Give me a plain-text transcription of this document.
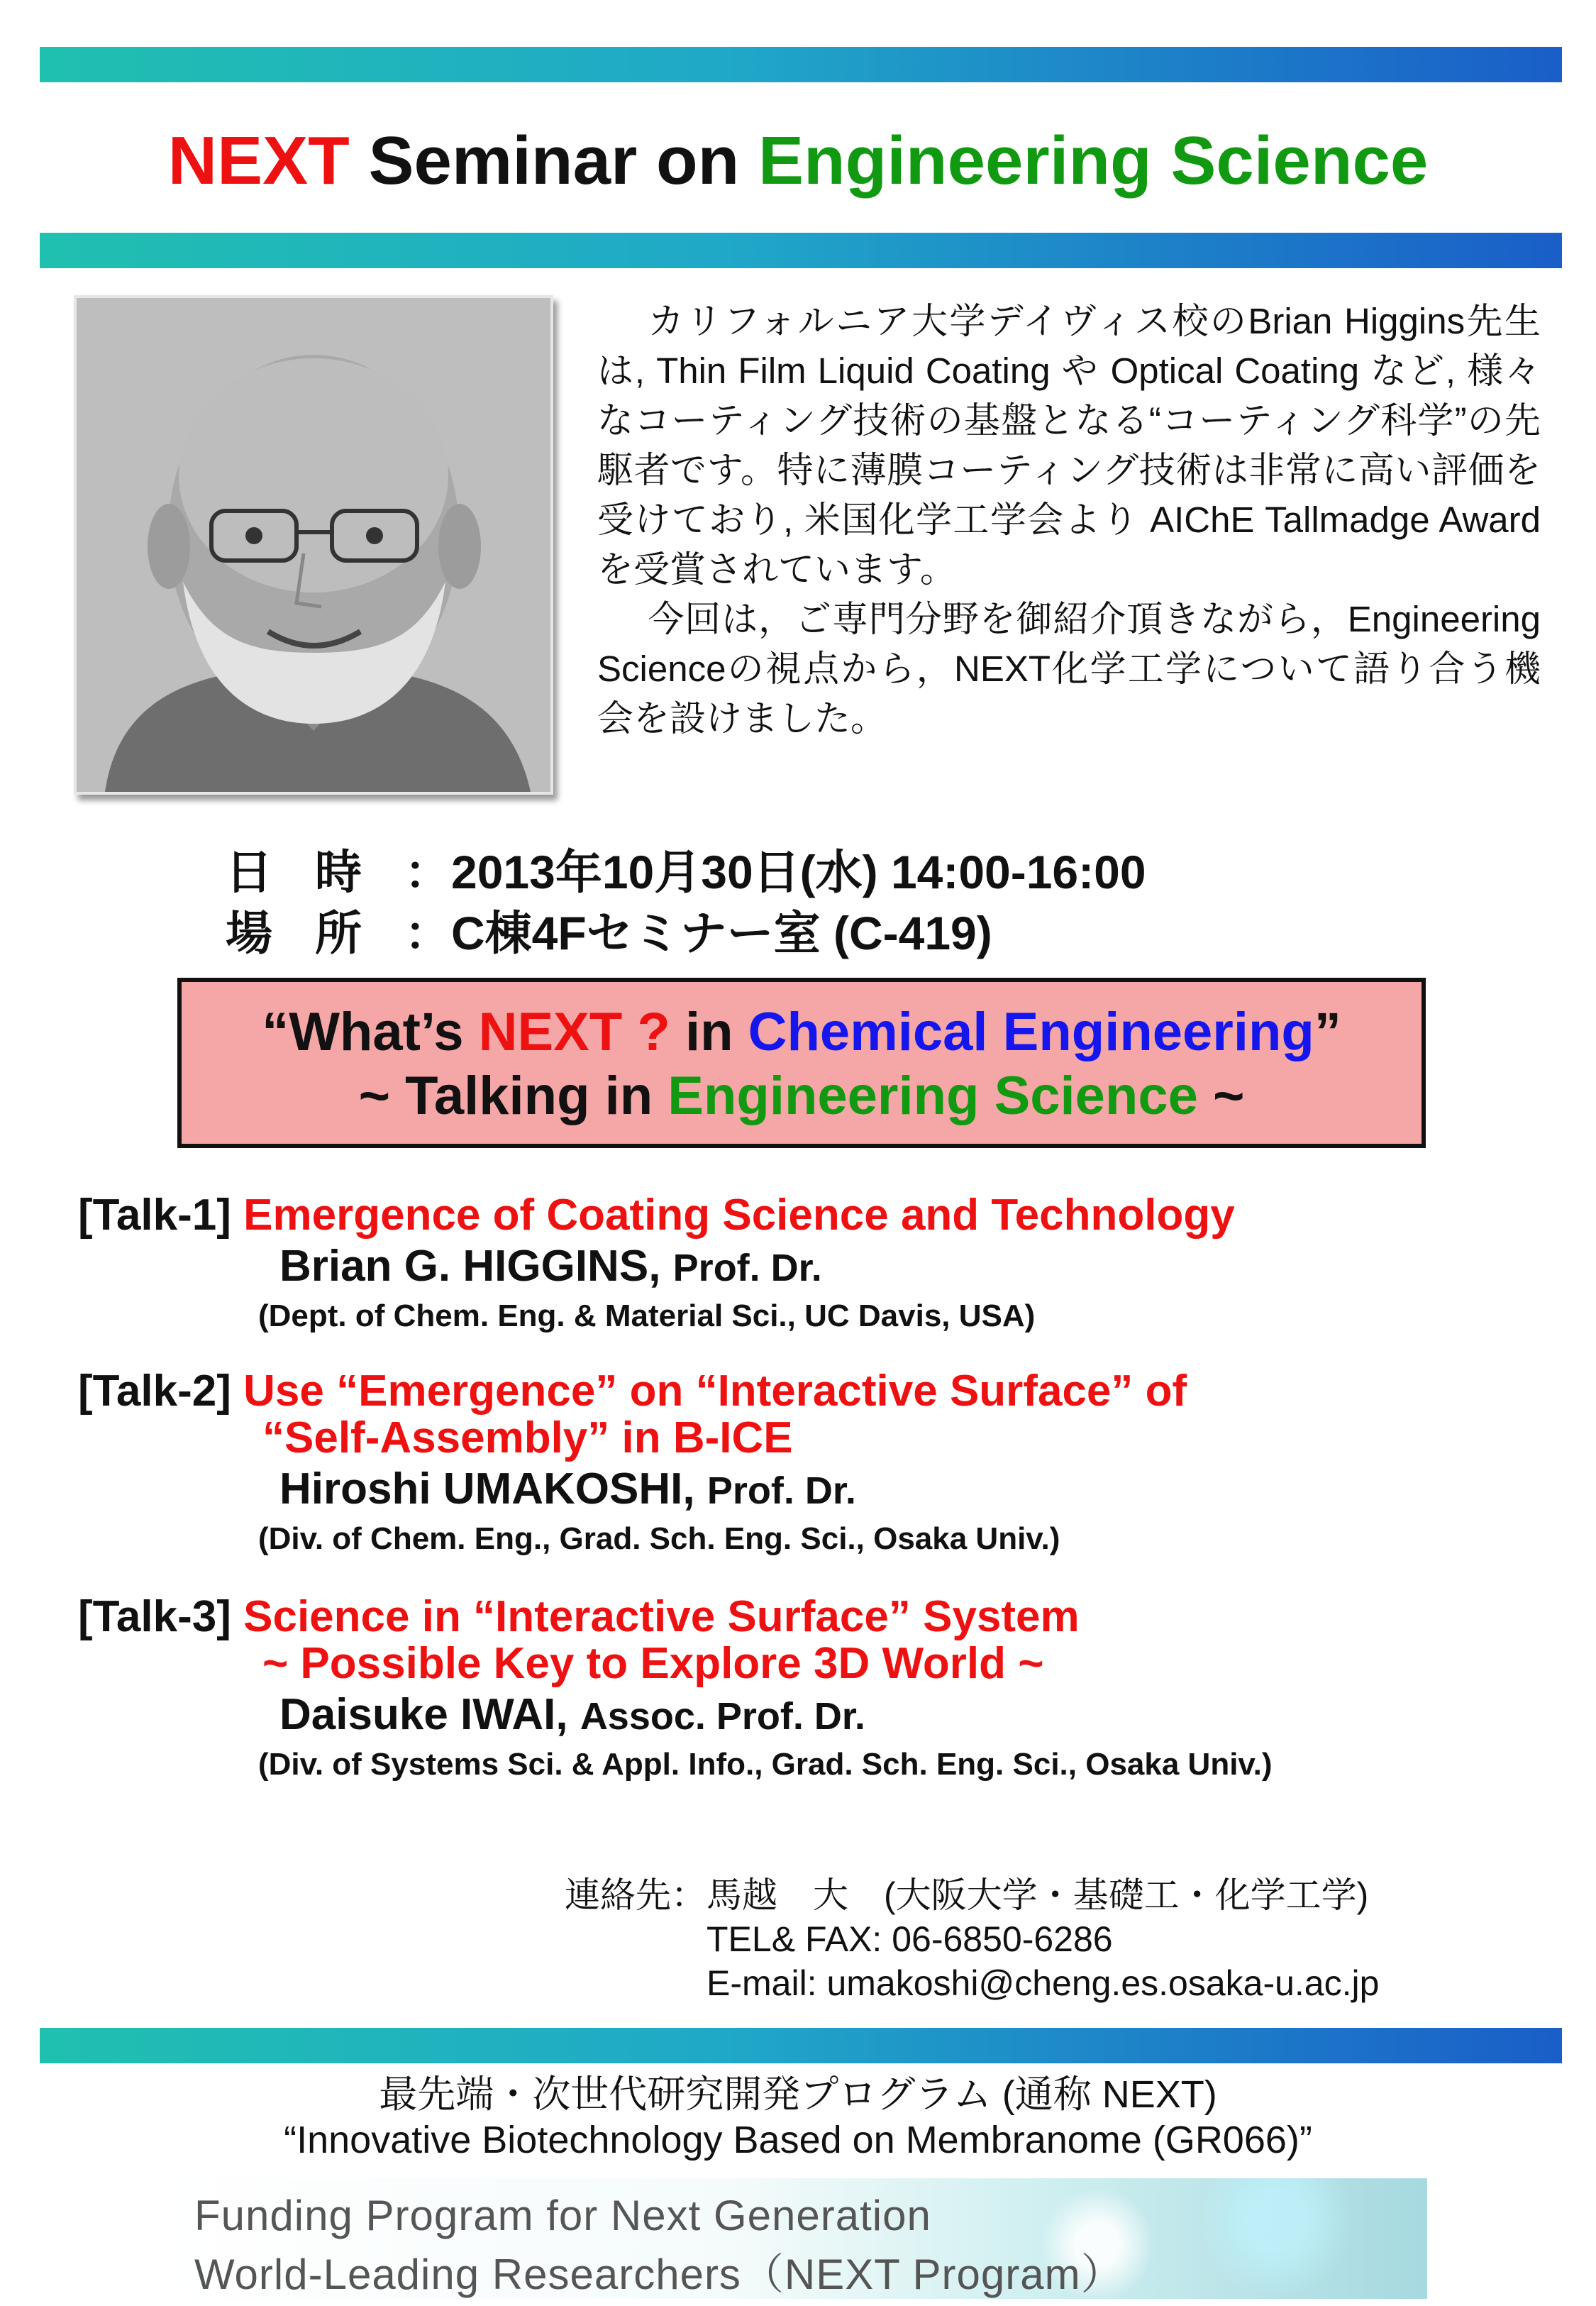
NEXT Seminar on Engineering Science

カリフォルニア大学デイヴィス校のBrian Higgins先生は, Thin Film Liquid Coating や Optical Coating など, 様々なコーティング技術の基盤となる“コーティング科学”の先駆者です。特に薄膜コーティング技術は非常に高い評価を受けており, 米国化学工学会より AIChE Tallmadge Award を受賞されています。

今回は，ご専門分野を御紹介頂きながら，Engineering Scienceの視点から，NEXT化学工学について語り合う機会を設けました。

日時：2013年10月30日(水) 14:00-16:00
場所：C棟4Fセミナー室 (C-419)
“What’s NEXT ? in Chemical Engineering”
~ Talking in Engineering Science ~
[Talk-1] Emergence of Coating Science and Technology
Brian G. HIGGINS, Prof. Dr.
(Dept. of Chem. Eng. & Material Sci., UC Davis, USA)
[Talk-2] Use “Emergence” on “Interactive Surface” of
“Self-Assembly” in B-ICE
Hiroshi UMAKOSHI, Prof. Dr.
(Div. of Chem. Eng., Grad. Sch. Eng. Sci., Osaka Univ.)
[Talk-3] Science in “Interactive Surface” System
~ Possible Key to Explore 3D World ~
Daisuke IWAI, Assoc. Prof. Dr.
(Div. of Systems Sci. & Appl. Info., Grad. Sch. Eng. Sci., Osaka Univ.)
連絡先：馬越　大　(大阪大学・基礎工・化学工学)
TEL& FAX: 06-6850-6286
E-mail: umakoshi@cheng.es.osaka-u.ac.jp
最先端・次世代研究開発プログラム (通称 NEXT)
“Innovative Biotechnology Based on Membranome (GR066)”
Funding Program for Next Generation
World-Leading Researchers（NEXT Program）
